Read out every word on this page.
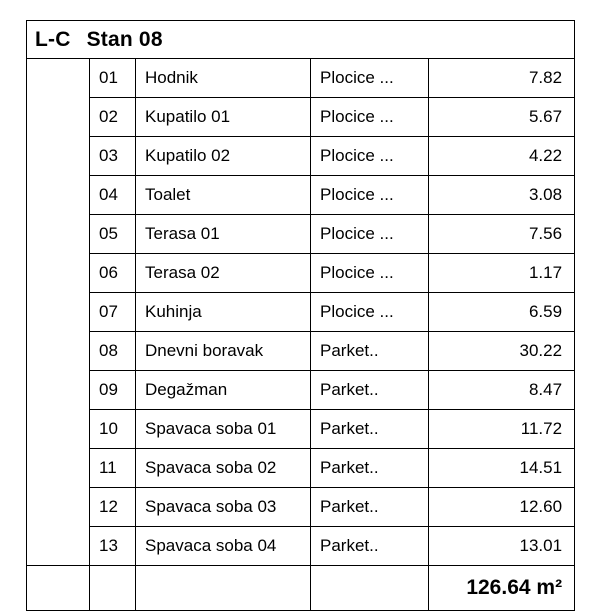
L-C Stan 08				

	01	Hodnik	Plocice ...	7.82

	02	Kupatilo 01	Plocice ...	5.67

	03	Kupatilo 02	Plocice ...	4.22

	04	Toalet	Plocice ...	3.08

	05	Terasa 01	Plocice ...	7.56

	06	Terasa 02	Plocice ...	1.17

	07	Kuhinja	Plocice ...	6.59

	08	Dnevni boravak	Parket..	30.22

	09	Degažman	Parket..	8.47

	10	Spavaca soba 01	Parket..	11.72

	11	Spavaca soba 02	Parket..	14.51

	12	Spavaca soba 03	Parket..	12.60

	13	Spavaca soba 04	Parket..	13.01

				126.64 m²
